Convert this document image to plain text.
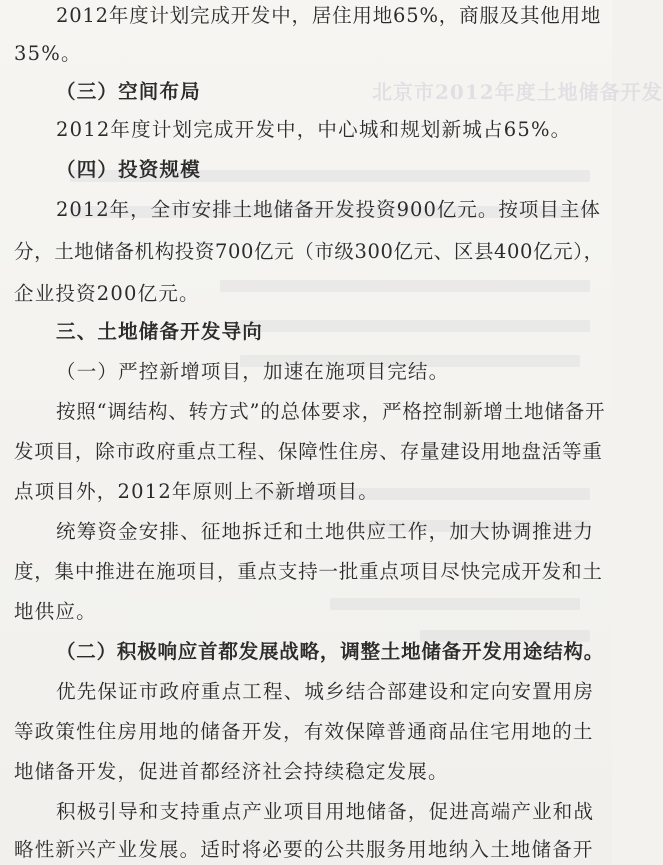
北京市2012年度土地储备开发
2012年度计划完成开发中，居住用地65%，商服及其他用地
35%。
（三）空间布局
2012年度计划完成开发中，中心城和规划新城占65%。
（四）投资规模
2012年，全市安排土地储备开发投资900亿元。按项目主体
分，土地储备机构投资700亿元（市级300亿元、区县400亿元），
企业投资200亿元。
三、土地储备开发导向
（一）严控新增项目，加速在施项目完结。
按照“调结构、转方式”的总体要求，严格控制新增土地储备开
发项目，除市政府重点工程、保障性住房、存量建设用地盘活等重
点项目外，2012年原则上不新增项目。
统筹资金安排、征地拆迁和土地供应工作，加大协调推进力
度，集中推进在施项目，重点支持一批重点项目尽快完成开发和土
地供应。
（二）积极响应首都发展战略，调整土地储备开发用途结构。
优先保证市政府重点工程、城乡结合部建设和定向安置用房
等政策性住房用地的储备开发，有效保障普通商品住宅用地的土
地储备开发，促进首都经济社会持续稳定发展。
积极引导和支持重点产业项目用地储备，促进高端产业和战
略性新兴产业发展。适时将必要的公共服务用地纳入土地储备开
